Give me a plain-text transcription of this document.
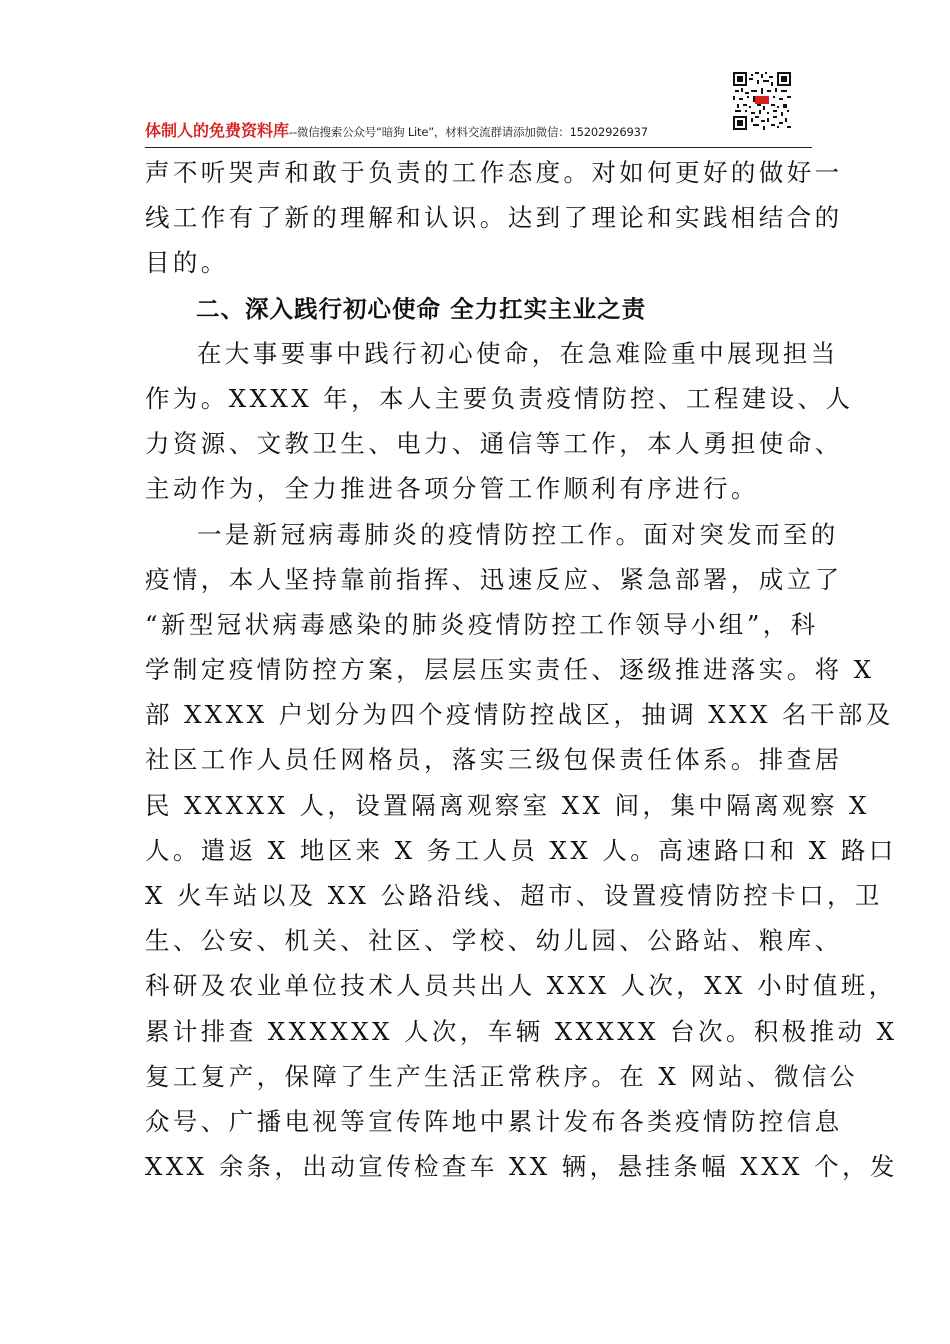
体制人的免费资料库--微信搜索公众号“暗狗 Lite”，材料交流群请添加微信：15202926937
声不听哭声和敢于负责的工作态度。对如何更好的做好一
线工作有了新的理解和认识。达到了理论和实践相结合的
目的。
在大事要事中践行初心使命，在急难险重中展现担当
作为。XXXX 年，本人主要负责疫情防控、工程建设、人
力资源、文教卫生、电力、通信等工作，本人勇担使命、
主动作为，全力推进各项分管工作顺利有序进行。
一是新冠病毒肺炎的疫情防控工作。面对突发而至的
疫情，本人坚持靠前指挥、迅速反应、紧急部署，成立了
“新型冠状病毒感染的肺炎疫情防控工作领导小组”，科
学制定疫情防控方案，层层压实责任、逐级推进落实。将 X
部 XXXX 户划分为四个疫情防控战区，抽调 XXX 名干部及
社区工作人员任网格员，落实三级包保责任体系。排查居
民 XXXXX 人，设置隔离观察室 XX 间，集中隔离观察 X
人。遣返 X 地区来 X 务工人员 XX 人。高速路口和 X 路口
X 火车站以及 XX 公路沿线、超市、设置疫情防控卡口，卫
生、公安、机关、社区、学校、幼儿园、公路站、粮库、
科研及农业单位技术人员共出人 XXX 人次，XX 小时值班，
累计排查 XXXXXX 人次，车辆 XXXXX 台次。积极推动 X
复工复产，保障了生产生活正常秩序。在 X 网站、微信公
众号、广播电视等宣传阵地中累计发布各类疫情防控信息
XXX 余条，出动宣传检查车 XX 辆，悬挂条幅 XXX 个，发
二、深入践行初心使命 全力扛实主业之责
